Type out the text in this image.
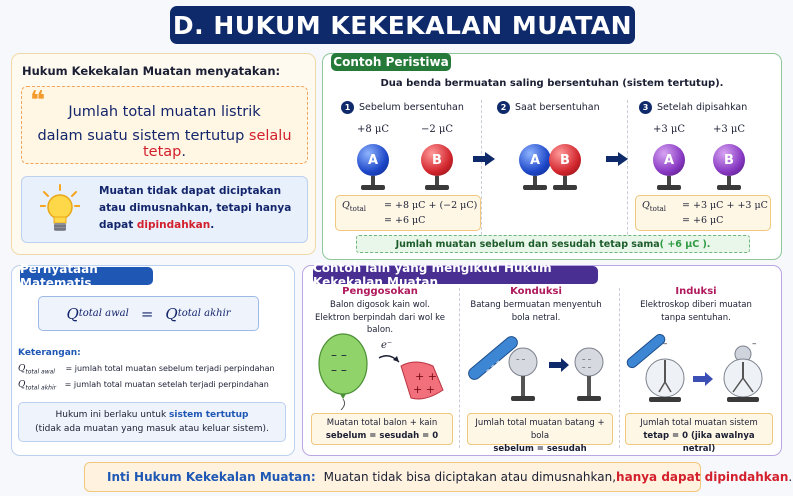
D. HUKUM KEKEKALAN MUATAN
Hukum Kekekalan Muatan menyatakan:
❝	Jumlah total muatan listrik
dalam suatu sistem tertutup selalu tetap.
Muatan tidak dapat diciptakan
atau dimusnahkan, tetapi hanya
dapat dipindahkan.
Contoh Peristiwa
Dua benda bermuatan saling bersentuhan (sistem tertutup).
1 Sebelum bersentuhan	2 Saat bersentuhan	3 Setelah dipisahkan
+8 μC	−2 μC
A	B	A	B
+3 μC	+3 μC
A	B
$Q_{total} = +8$ μC + (−2 μC)
= +6 μC
$Q_{total} = +3$ μC + +3 μC
= +6 μC
Jumlah muatan sebelum dan sesudah tetap sama ( +6 μC ).
Pernyataan Matematis
Q total awal = Q total akhir
Keterangan:
$Q_{total awal}$ = jumlah total muatan sebelum terjadi perpindahan
$Q_{total akhir}$ = jumlah total muatan setelah terjadi perpindahan
Hukum ini berlaku untuk sistem tertutup
(tidak ada muatan yang masuk atau keluar sistem).
Contoh lain yang mengikuti Hukum Kekekalan Muatan
Penggosokan
Balon digosok kain wol.
Elektron berpindah dari wol ke balon.
Konduksi
Batang bermuatan menyentuh
bola netral.
Induksi
Elektroskop diberi muatan
tanpa sentuhan.
– –
– –	+ +
+ +
e⁻
– – – – –	– –
– –
–	–
Muatan total balon + kain
sebelum = sesudah = 0
Jumlah total muatan batang + bola
sebelum = sesudah
Jumlah total muatan sistem
tetap = 0 (jika awalnya netral)
Inti Hukum Kekekalan Muatan: Muatan tidak bisa diciptakan atau dimusnahkan, hanya dapat dipindahkan .
